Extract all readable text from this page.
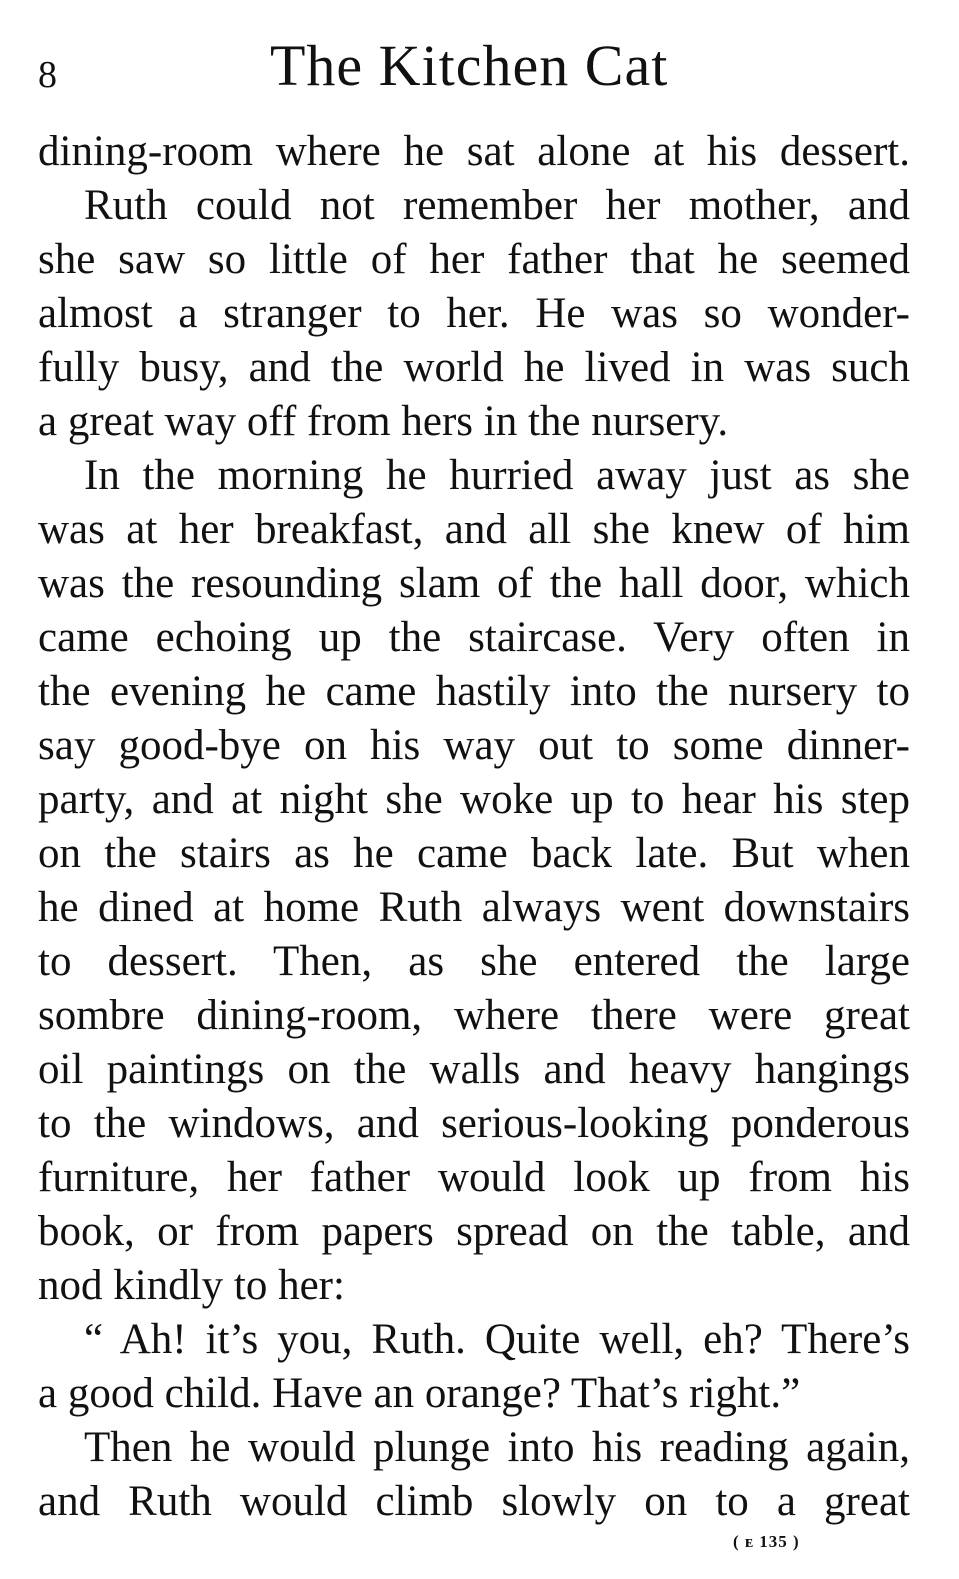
8	The Kitchen Cat
dining-room where he sat alone at his dessert.
Ruth could not remember her mother, and
she saw so little of her father that he seemed
almost a stranger to her. He was so wonder-
fully busy, and the world he lived in was such
a great way off from hers in the nursery.
In the morning he hurried away just as she
was at her breakfast, and all she knew of him
was the resounding slam of the hall door, which
came echoing up the staircase. Very often in
the evening he came hastily into the nursery to
say good-bye on his way out to some dinner-
party, and at night she woke up to hear his step
on the stairs as he came back late. But when
he dined at home Ruth always went downstairs
to dessert. Then, as she entered the large
sombre dining-room, where there were great
oil paintings on the walls and heavy hangings
to the windows, and serious-looking ponderous
furniture, her father would look up from his
book, or from papers spread on the table, and
nod kindly to her:
“ Ah! it’s you, Ruth. Quite well, eh? There’s
a good child. Have an orange? That’s right.”
Then he would plunge into his reading again,
and Ruth would climb slowly on to a great
( ᴇ 135 )
